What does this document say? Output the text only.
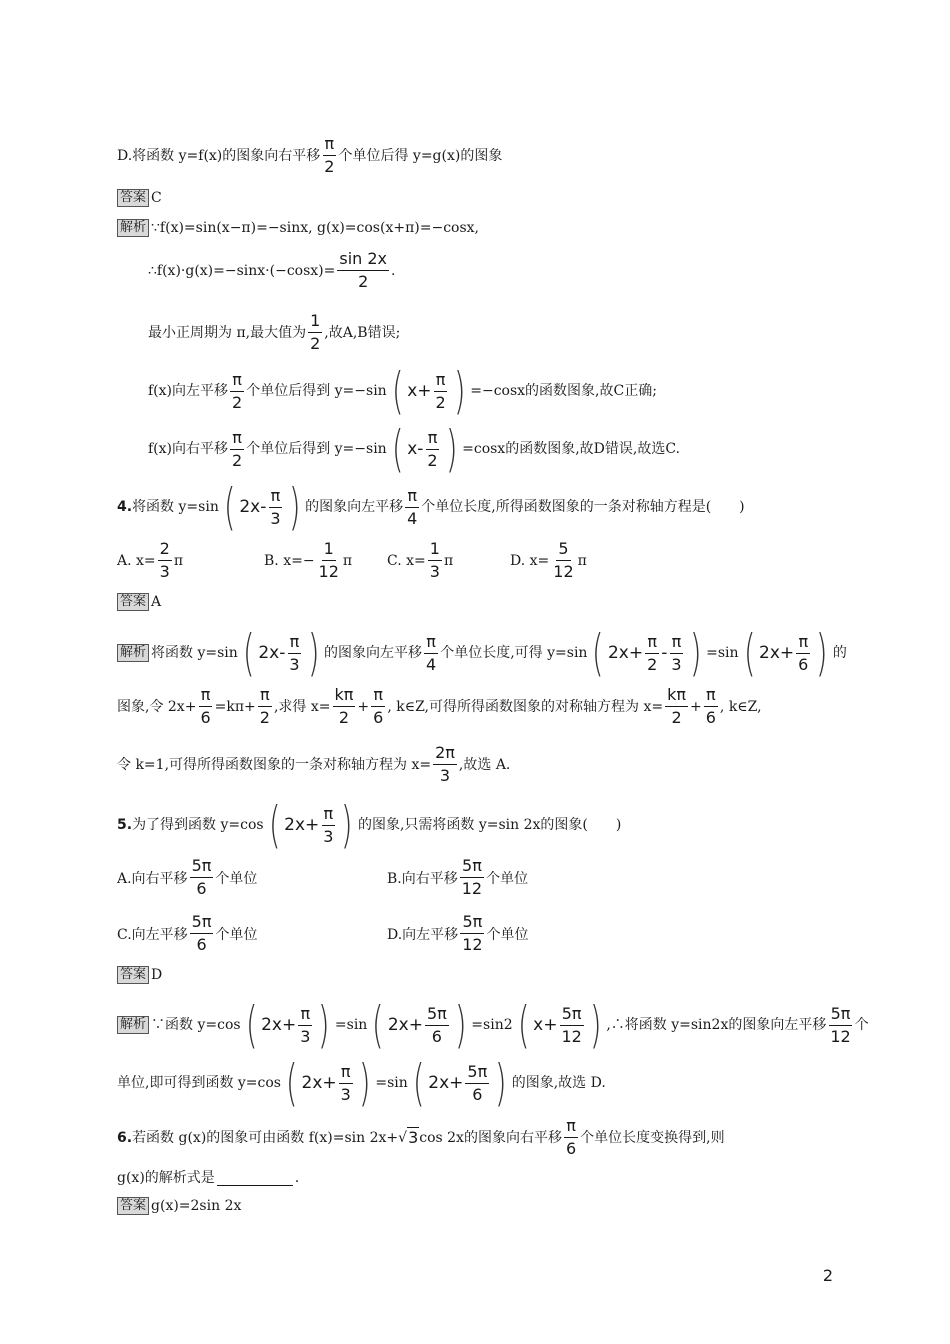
D.将函数 y=f(x)的图象向右平移 $\frac{\pi}{2}$ 个单位后得 y=g(x)的图象
答案 C
解析 ∵f(x)=sin(x−π)=−sinx, g(x)=cos(x+π)=−cosx,
∴f(x)·g(x)=−sinx·(−cosx)= $\frac{\sin 2x}{2}$ .
最小正周期为 π,最大值为 $\frac{1}{2}$ ,故A,B错误;
f(x)向左平移 $\frac{\pi}{2}$ 个单位后得到 y=−sin ( $x+ \frac{\pi}{2}$ ) =−cosx的函数图象,故C正确;
f(x)向右平移 $\frac{\pi}{2}$ 个单位后得到 y=−sin ( $x- \frac{\pi}{2}$ ) =cosx的函数图象,故D错误,故选C.
4. 将函数 y=sin ( $2x- \frac{\pi}{3}$ ) 的图象向左平移 $\frac{\pi}{4}$ 个单位长度,所得函数图象的一条对称轴方程是(　　)
A. $x= \frac{2}{3}$ π	B. $x=- \frac{1}{12}$ π C. $x= \frac{1}{3}$ π	D. $x= \frac{5}{12}$ π
答案 A
解析 将函数 y=sin ( $2x- \frac{\pi}{3}$ ) 的图象向左平移 $\frac{\pi}{4}$ 个单位长度,可得 y=sin ( $2x+ \frac{\pi}{2} - \frac{\pi}{3}$ ) =sin ( $2x+ \frac{\pi}{6}$ ) 的
图象,令 $2x+ \frac{\pi}{6} =k\pi+ \frac{\pi}{2}$ ,求得 $x= \frac{k\pi}{2} + \frac{\pi}{6}$ , k∈Z,可得所得函数图象的对称轴方程为 $x= \frac{k\pi}{2} + \frac{\pi}{6}$ , k∈Z,
令 k=1,可得所得函数图象的一条对称轴方程为 $x= \frac{2\pi}{3}$ ,故选 A.
5. 为了得到函数 y=cos ( $2x+ \frac{\pi}{3}$ ) 的图象,只需将函数 y=sin 2x的图象(　　)
A.向右平移 $\frac{5\pi}{6}$ 个单位	B.向右平移 $\frac{5\pi}{12}$ 个单位
C.向左平移 $\frac{5\pi}{6}$ 个单位	D.向左平移 $\frac{5\pi}{12}$ 个单位
答案 D
解析 ∵函数 y=cos ( $2x+ \frac{\pi}{3}$ ) =sin ( $2x+ \frac{5\pi}{6}$ ) =sin2 ( $x+ \frac{5\pi}{12}$ ) ,∴将函数 y=sin2x的图象向左平移 $\frac{5\pi}{12}$ 个
单位,即可得到函数 y=cos ( $2x+ \frac{\pi}{3}$ ) =sin ( $2x+ \frac{5\pi}{6}$ ) 的图象,故选 D.
6. 若函数 g(x)的图象可由函数 f(x)=sin 2x+ √ 3 cos 2x的图象向右平移 $\frac{\pi}{6}$ 个单位长度变换得到,则
g(x)的解析式是	.
答案 g(x)=2sin 2x
2
